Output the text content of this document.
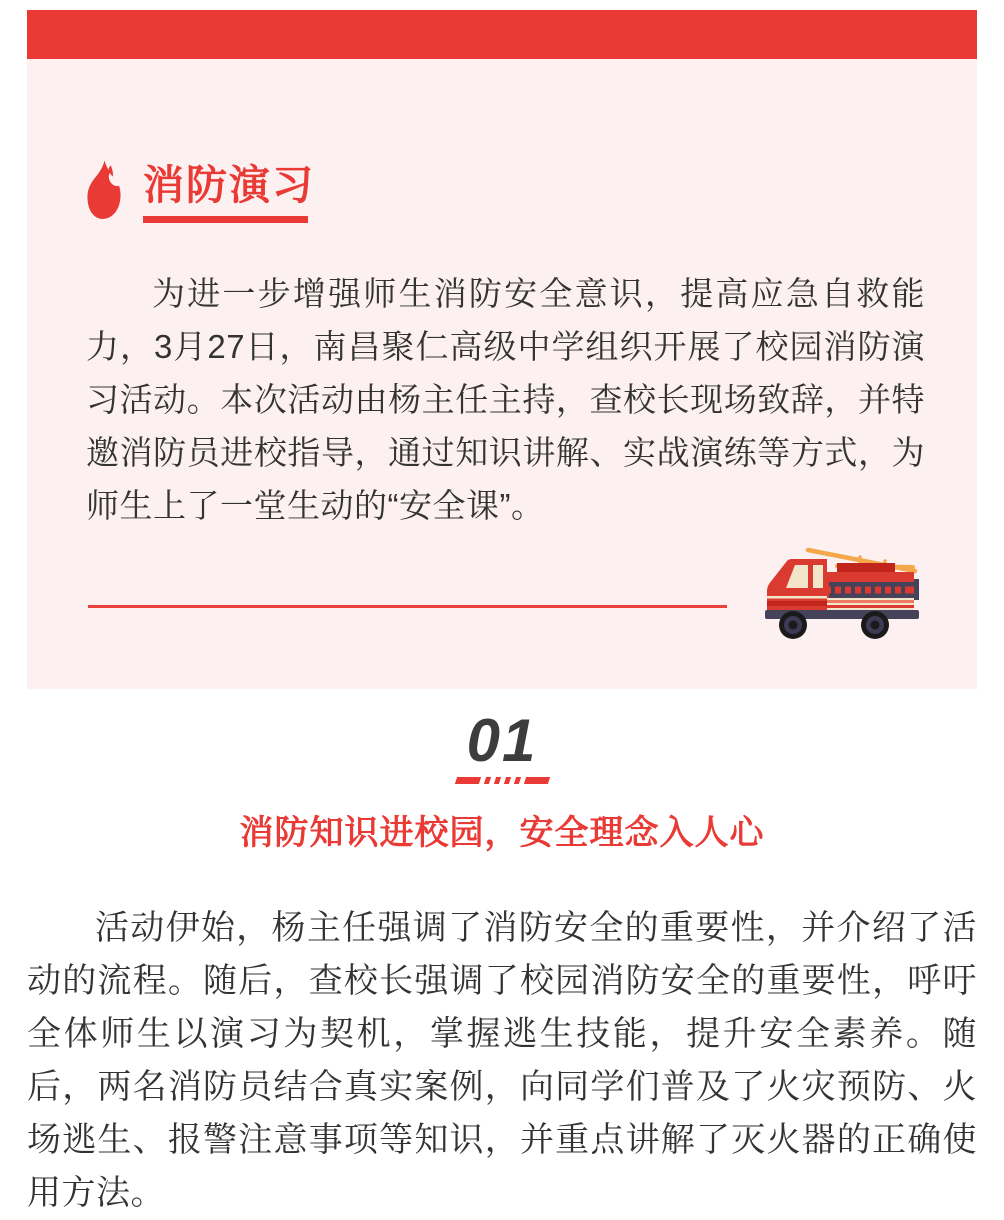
消防演习
为进一步增强师生消防安全意识，提高应急自救能力，3月27日，南昌聚仁高级中学组织开展了校园消防演习活动。本次活动由杨主任主持，查校长现场致辞，并特邀消防员进校指导，通过知识讲解、实战演练等方式，为师生上了一堂生动的“安全课”。
01
消防知识进校园，安全理念入人心
活动伊始，杨主任强调了消防安全的重要性，并介绍了活动的流程。随后，查校长强调了校园消防安全的重要性，呼吁全体师生以演习为契机，掌握逃生技能，提升安全素养。随后，两名消防员结合真实案例，向同学们普及了火灾预防、火场逃生、报警注意事项等知识，并重点讲解了灭火器的正确使用方法。
